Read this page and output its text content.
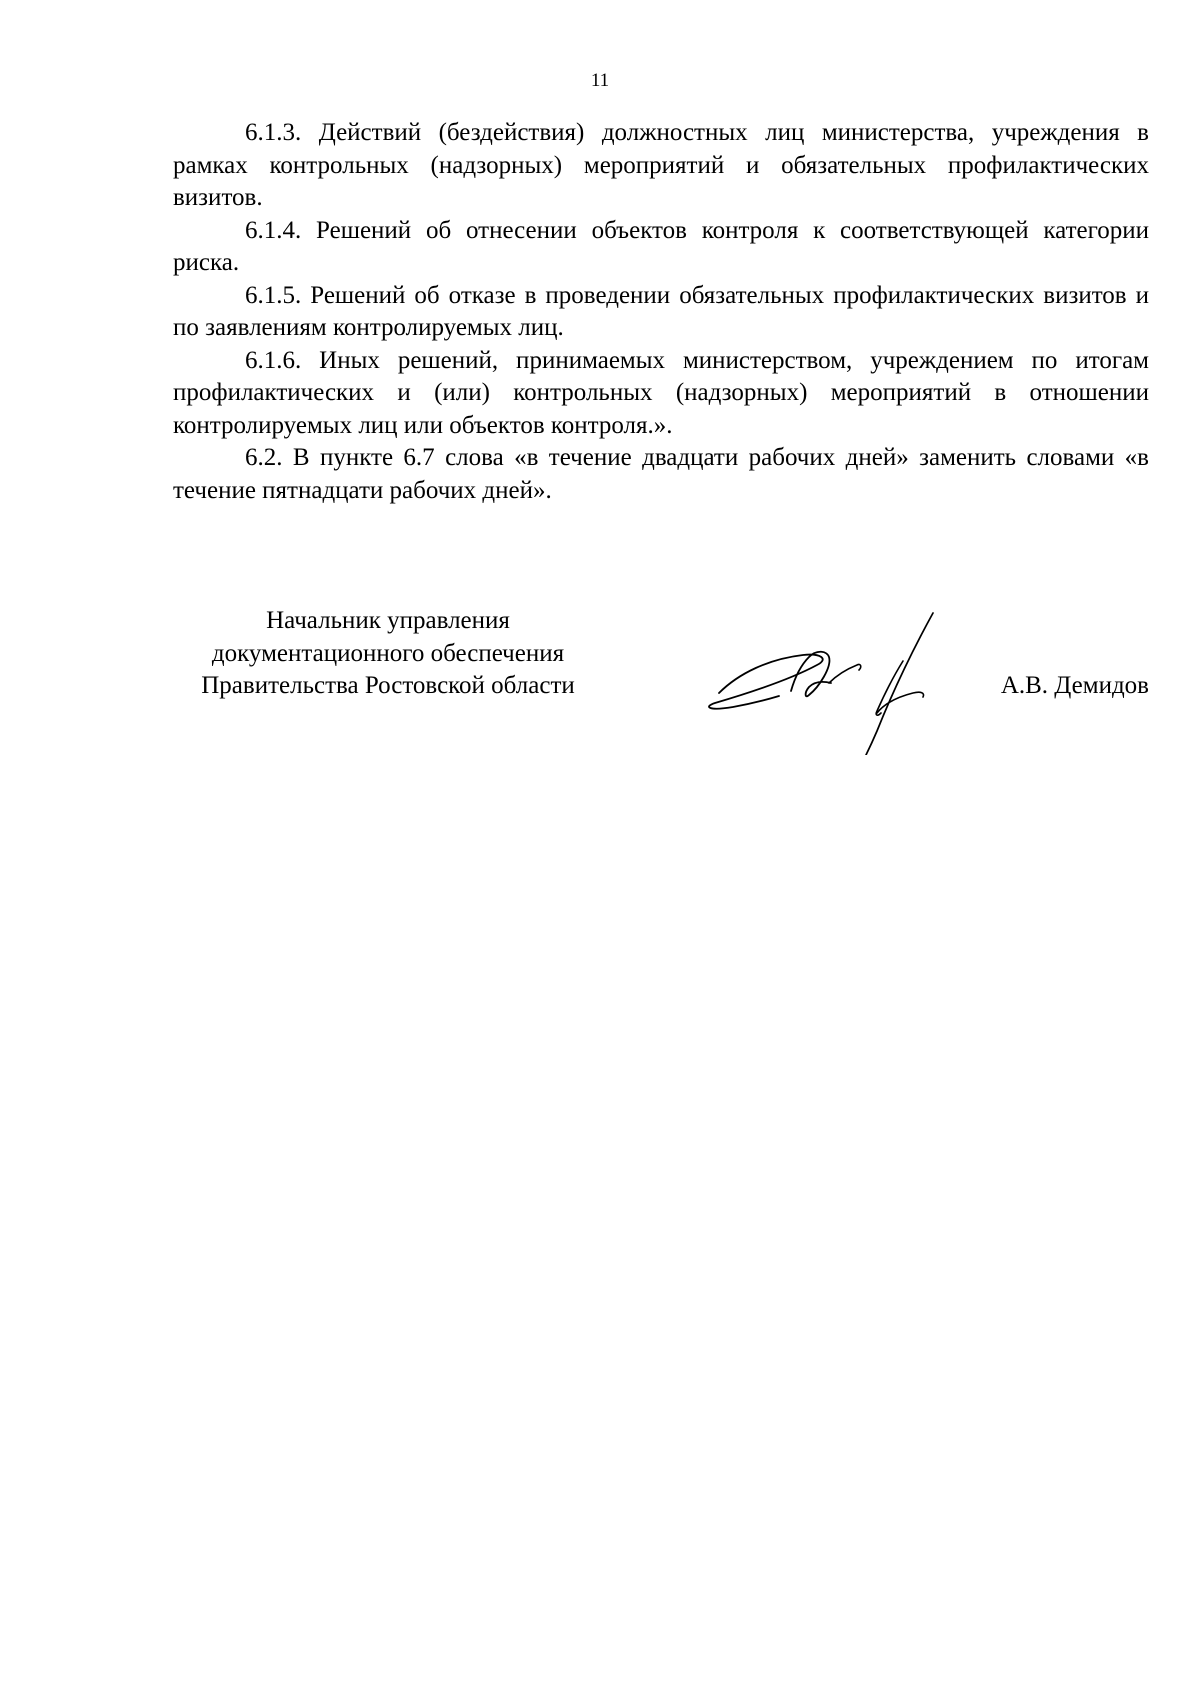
11

6.1.3. Действий (бездействия) должностных лиц министерства, учреждения в рамках контрольных (надзорных) мероприятий и обязательных профилактических визитов.

6.1.4. Решений об отнесении объектов контроля к соответствующей категории риска.

6.1.5. Решений об отказе в проведении обязательных профилактических визитов и по заявлениям контролируемых лиц.

6.1.6. Иных решений, принимаемых министерством, учреждением по итогам профилактических и (или) контрольных (надзорных) мероприятий в отношении контролируемых лиц или объектов контроля.».

6.2. В пункте 6.7 слова «в течение двадцати рабочих дней» заменить словами «в течение пятнадцати рабочих дней».

Начальник управления
документационного обеспечения
Правительства Ростовской области	А.В. Демидов
